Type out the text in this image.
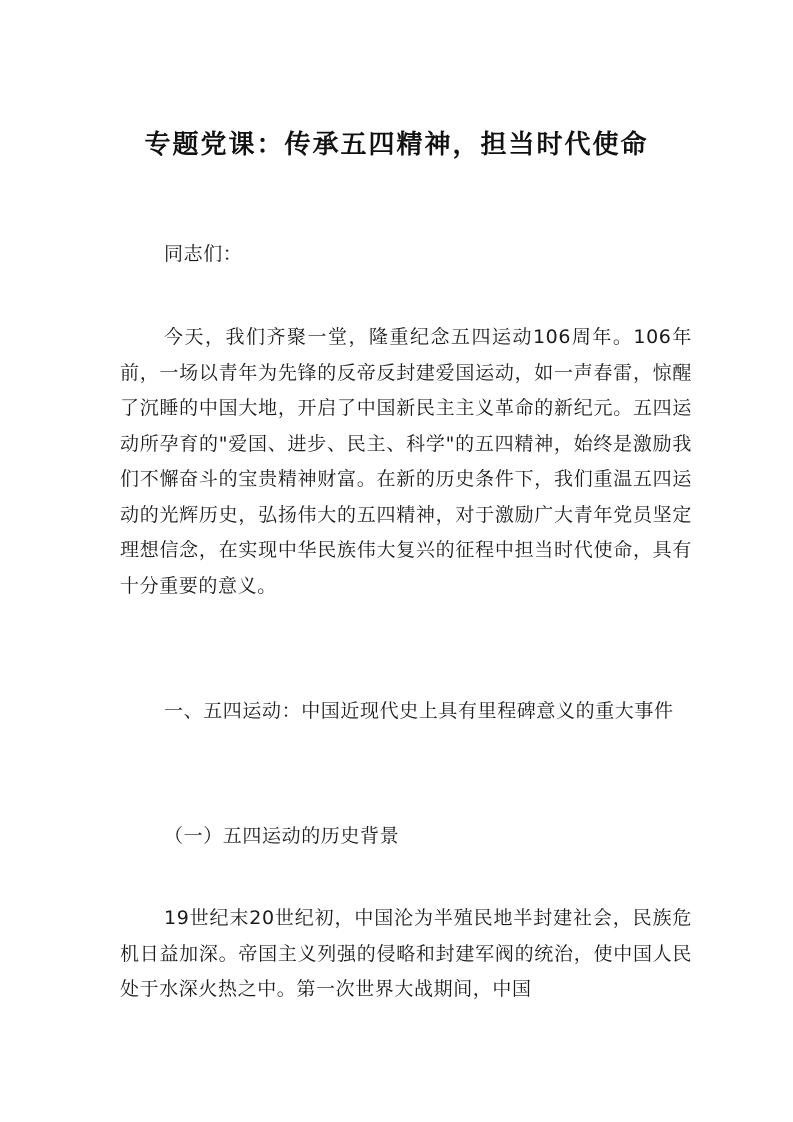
专题党课：传承五四精神，担当时代使命

同志们：

今天，我们齐聚一堂，隆重纪念五四运动106周年。106年前，一场以青年为先锋的反帝反封建爱国运动，如一声春雷，惊醒了沉睡的中国大地，开启了中国新民主主义革命的新纪元。五四运动所孕育的"爱国、进步、民主、科学"的五四精神，始终是激励我们不懈奋斗的宝贵精神财富。在新的历史条件下，我们重温五四运动的光辉历史，弘扬伟大的五四精神，对于激励广大青年党员坚定理想信念，在实现中华民族伟大复兴的征程中担当时代使命，具有十分重要的意义。

一、五四运动：中国近现代史上具有里程碑意义的重大事件

（一）五四运动的历史背景

19世纪末20世纪初，中国沦为半殖民地半封建社会，民族危机日益加深。帝国主义列强的侵略和封建军阀的统治，使中国人民处于水深火热之中。第一次世界大战期间，中国
